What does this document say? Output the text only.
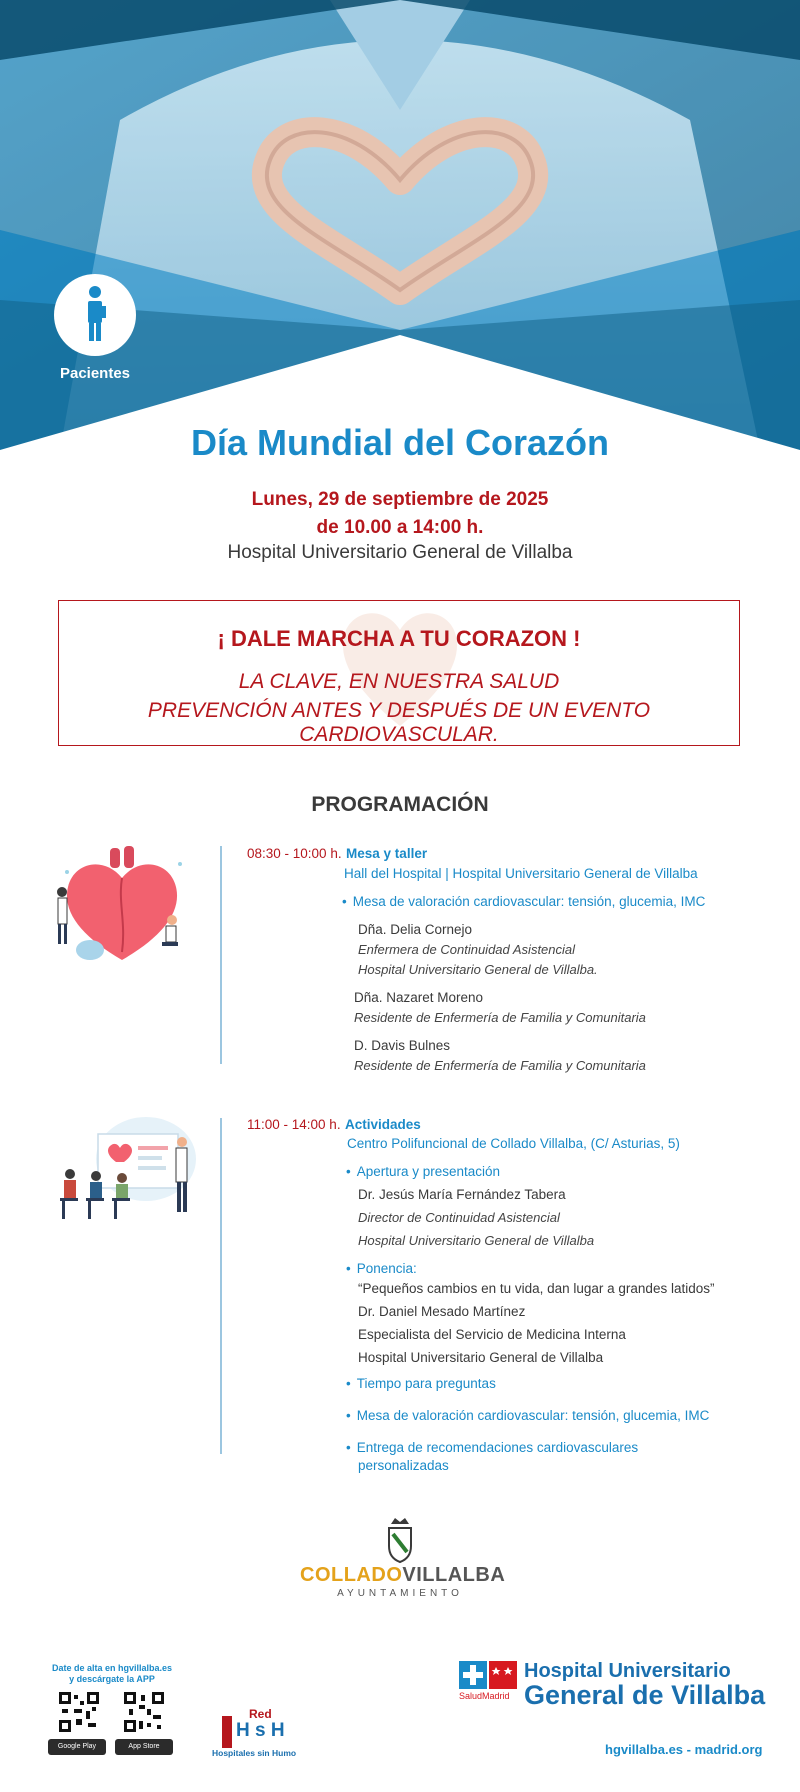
Pacientes
Día Mundial del Corazón
Lunes, 29 de septiembre de 2025
de 10.00 a 14:00 h.
Hospital Universitario General de Villalba
¡ DALE MARCHA A TU CORAZON !
LA CLAVE, EN NUESTRA SALUD
PREVENCIÓN ANTES Y DESPUÉS DE UN EVENTO CARDIOVASCULAR.
PROGRAMACIÓN
08:30 - 10:00 h. Mesa y taller
Hall del Hospital | Hospital Universitario General de Villalba
• Mesa de valoración cardiovascular: tensión, glucemia, IMC
Dña. Delia Cornejo
Enfermera de Continuidad Asistencial
Hospital Universitario General de Villalba.
Dña. Nazaret Moreno
Residente de Enfermería de Familia y Comunitaria
D. Davis Bulnes
Residente de Enfermería de Familia y Comunitaria
11:00 - 14:00 h. Actividades
Centro Polifuncional de Collado Villalba, (C/ Asturias, 5)
• Apertura y presentación
Dr. Jesús María Fernández Tabera
Director de Continuidad Asistencial
Hospital Universitario General de Villalba
• Ponencia:
“Pequeños cambios en tu vida, dan lugar a grandes latidos”
Dr. Daniel Mesado Martínez
Especialista del Servicio de Medicina Interna
Hospital Universitario General de Villalba
• Tiempo para preguntas
• Mesa de valoración cardiovascular: tensión, glucemia, IMC
• Entrega de recomendaciones cardiovasculares
personalizadas
COLLADOVILLALBA
AYUNTAMIENTO
Date de alta en hgvillalba.es
y descárgate la APP
Google Play	App Store
Red
H s H
Hospitales sin Humo
SaludMadrid
Hospital Universitario
General de Villalba
hgvillalba.es - madrid.org
